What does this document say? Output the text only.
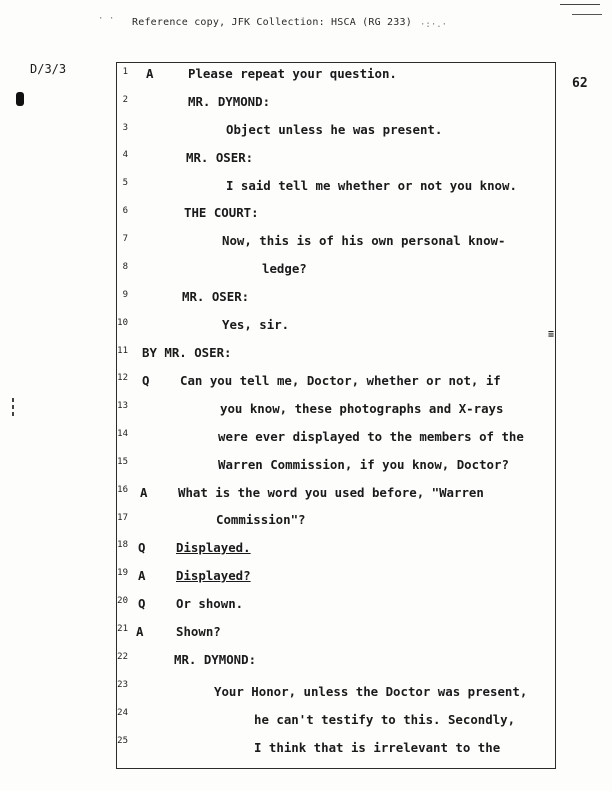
· ·
·:·.·
Reference copy, JFK Collection: HSCA (RG 233)
D/3/3
62
≡
1
2
3
4
5
6
7
8
9
10
11
12
13
14
15
16
17
18
19
20
21
22
23
24
25
A
Q
A
Q
A
Q
A
Please repeat your question.
MR. DYMOND:
Object unless he was present.
MR. OSER:
I said tell me whether or not you know.
THE COURT:
Now, this is of his own personal know-
ledge?
MR. OSER:
Yes, sir.
BY MR. OSER:
Can you tell me, Doctor, whether or not, if
you know, these photographs and X-rays
were ever displayed to the members of the
Warren Commission, if you know, Doctor?
What is the word you used before, "Warren
Commission"?
Displayed.
Displayed?
Or shown.
Shown?
MR. DYMOND:
Your Honor, unless the Doctor was present,
he can't testify to this. Secondly,
I think that is irrelevant to the
